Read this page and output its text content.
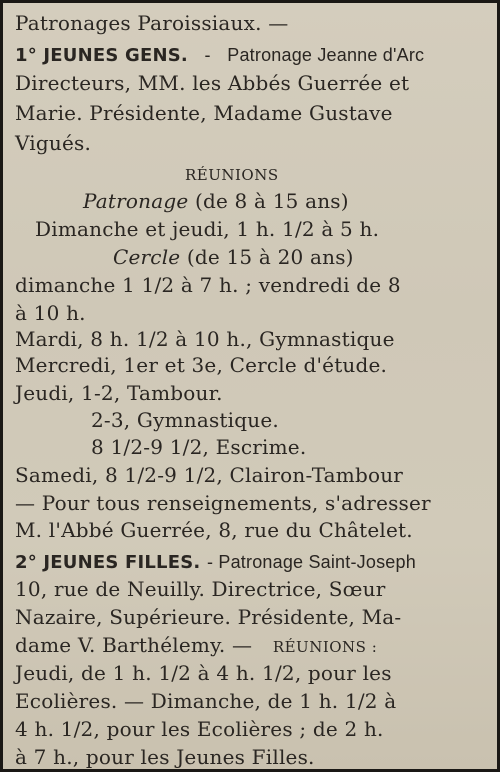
Patronages Paroissiaux. —
1° JEUNES GENS. - Patronage Jeanne d'Arc
Directeurs, MM. les Abbés Guerrée et
Marie. Présidente, Madame Gustave
Vigués.
RÉUNIONS
Patronage (de 8 à 15 ans)
Dimanche et jeudi, 1 h. 1/2 à 5 h.
Cercle (de 15 à 20 ans)
dimanche 1 1/2 à 7 h. ; vendredi de 8
à 10 h.
Mardi, 8 h. 1/2 à 10 h., Gymnastique
Mercredi, 1er et 3e, Cercle d'étude.
Jeudi, 1-2, Tambour.
2-3, Gymnastique.
8 1/2-9 1/2, Escrime.
Samedi, 8 1/2-9 1/2, Clairon-Tambour
— Pour tous renseignements, s'adresser
M. l'Abbé Guerrée, 8, rue du Châtelet.
2° JEUNES FILLES. - Patronage Saint-Joseph
10, rue de Neuilly. Directrice, Sœur
Nazaire, Supérieure. Présidente, Ma-
dame V. Barthélemy. — RÉUNIONS :
Jeudi, de 1 h. 1/2 à 4 h. 1/2, pour les
Ecolières. — Dimanche, de 1 h. 1/2 à
4 h. 1/2, pour les Ecolières ; de 2 h.
à 7 h., pour les Jeunes Filles.
